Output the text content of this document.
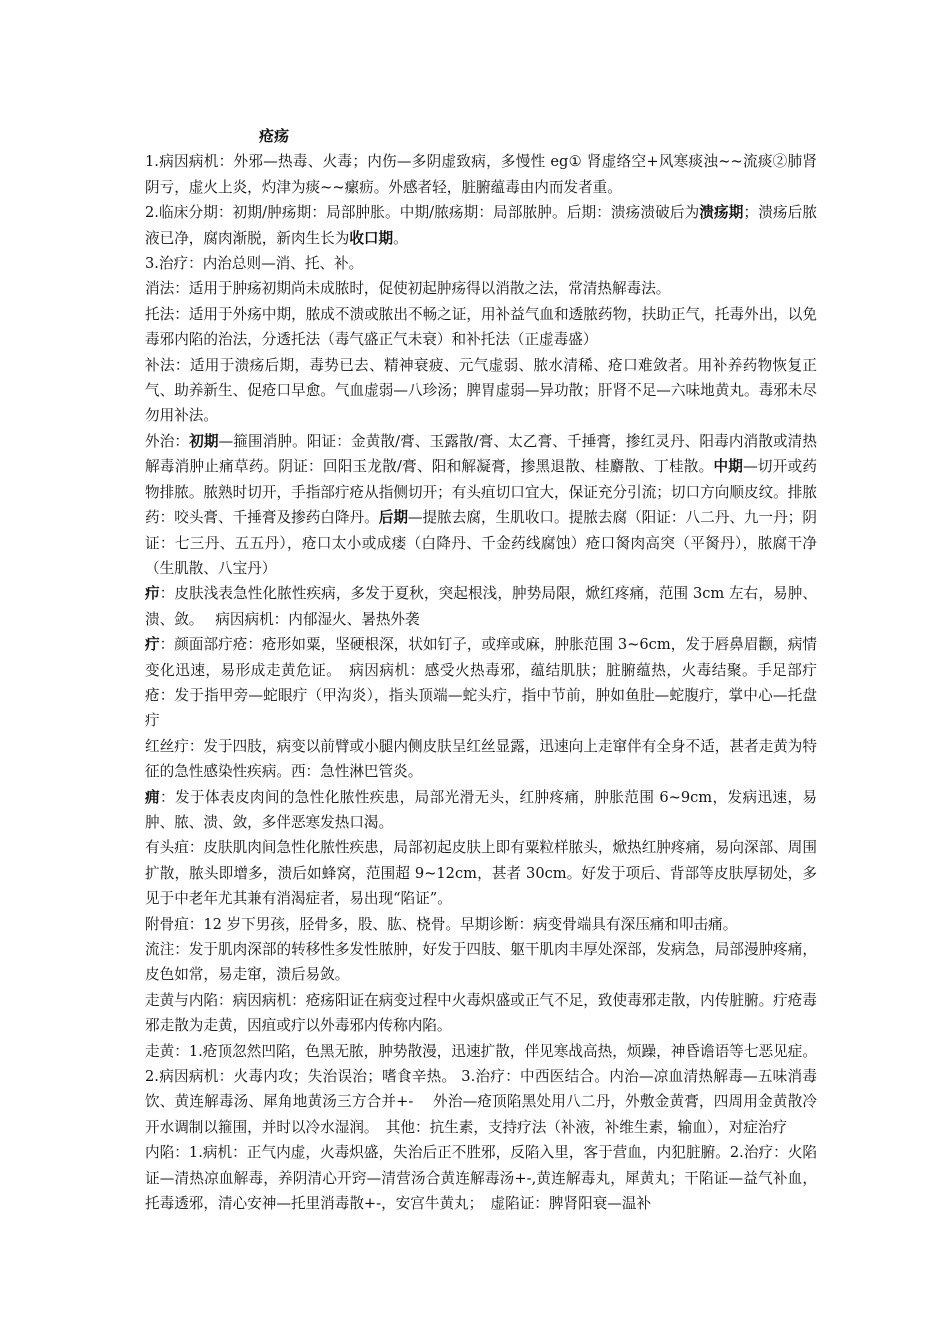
疮疡

1.病因病机：外邪—热毒、火毒；内伤—多阴虚致病，多慢性 eg① 肾虚络空+风寒痰浊~~流痰②肺肾阴亏，虚火上炎，灼津为痰~~瘰疬。外感者轻，脏腑蕴毒由内而发者重。

2.临床分期：初期/肿疡期：局部肿胀。中期/脓疡期：局部脓肿。后期：溃疡溃破后为溃疡期；溃疡后脓液已净，腐肉渐脱，新肉生长为收口期。

3.治疗：内治总则—消、托、补。

消法：适用于肿疡初期尚未成脓时，促使初起肿疡得以消散之法，常清热解毒法。

托法：适用于外疡中期，脓成不溃或脓出不畅之证，用补益气血和透脓药物，扶助正气，托毒外出，以免毒邪内陷的治法，分透托法（毒气盛正气未衰）和补托法（正虚毒盛）

补法：适用于溃疡后期，毒势已去、精神衰疲、元气虚弱、脓水清稀、疮口难敛者。用补养药物恢复正气、助养新生、促疮口早愈。气血虚弱—八珍汤；脾胃虚弱—异功散；肝肾不足—六味地黄丸。毒邪未尽勿用补法。

外治：初期—箍围消肿。阳证：金黄散/膏、玉露散/膏、太乙膏、千捶膏，掺红灵丹、阳毒内消散或清热解毒消肿止痛草药。阴证：回阳玉龙散/膏、阳和解凝膏，掺黑退散、桂麝散、丁桂散。中期—切开或药物排脓。脓熟时切开，手指部疔疮从指侧切开；有头疽切口宜大，保证充分引流；切口方向顺皮纹。排脓药：咬头膏、千捶膏及掺药白降丹。后期—提脓去腐，生肌收口。提脓去腐（阳证：八二丹、九一丹；阴证：七三丹、五五丹），疮口太小或成瘘（白降丹、千金药线腐蚀）疮口胬肉高突（平胬丹），脓腐干净（生肌散、八宝丹）

疖：皮肤浅表急性化脓性疾病，多发于夏秋，突起根浅，肿势局限，焮红疼痛，范围 3cm 左右，易肿、溃、敛。　 病因病机：内郁湿火、暑热外袭

疔：颜面部疔疮：疮形如粟，坚硬根深，状如钉子，或痒或麻，肿胀范围 3~6cm，发于唇鼻眉颧，病情变化迅速，易形成走黄危证。　病因病机：感受火热毒邪，蕴结肌肤；脏腑蕴热，火毒结聚。手足部疔疮：发于指甲旁—蛇眼疔（甲沟炎），指头顶端—蛇头疔，指中节前，肿如鱼肚—蛇腹疔，掌中心—托盘疔

红丝疔：发于四肢，病变以前臂或小腿内侧皮肤呈红丝显露，迅速向上走窜伴有全身不适，甚者走黄为特征的急性感染性疾病。西：急性淋巴管炎。

痈：发于体表皮肉间的急性化脓性疾患，局部光滑无头，红肿疼痛，肿胀范围 6~9cm，发病迅速，易肿、脓、溃、敛，多伴恶寒发热口渴。

有头疽：皮肤肌肉间急性化脓性疾患，局部初起皮肤上即有粟粒样脓头，焮热红肿疼痛，易向深部、周围扩散，脓头即增多，溃后如蜂窝，范围超 9~12cm，甚者 30cm。好发于项后、背部等皮肤厚韧处，多见于中老年尤其兼有消渴症者，易出现“陷证”。

附骨疽：12 岁下男孩，胫骨多，股、肱、桡骨。早期诊断：病变骨端具有深压痛和叩击痛。

流注：发于肌肉深部的转移性多发性脓肿，好发于四肢、躯干肌肉丰厚处深部，发病急，局部漫肿疼痛，皮色如常，易走窜，溃后易敛。

走黄与内陷：病因病机：疮疡阳证在病变过程中火毒炽盛或正气不足，致使毒邪走散，内传脏腑。疔疮毒邪走散为走黄，因疽或疔以外毒邪内传称内陷。

走黄：1.疮顶忽然凹陷，色黑无脓，肿势散漫，迅速扩散，伴见寒战高热，烦躁，神昏谵语等七恶见症。 2.病因病机：火毒内攻；失治误治；嗜食辛热。 3.治疗：中西医结合。内治—凉血清热解毒—五味消毒饮、黄连解毒汤、犀角地黄汤三方合并+-　 外治—疮顶陷黑处用八二丹，外敷金黄膏，四周用金黄散冷开水调制以箍围，并时以冷水湿润。　其他：抗生素，支持疗法（补液，补维生素，输血），对症治疗

内陷：1.病机：正气内虚，火毒炽盛，失治后正不胜邪，反陷入里，客于营血，内犯脏腑。2.治疗：火陷证—清热凉血解毒，养阴清心开窍—清营汤合黄连解毒汤+-,黄连解毒丸，犀黄丸；干陷证—益气补血，托毒透邪，清心安神—托里消毒散+-，安宫牛黄丸；　虚陷证：脾肾阳衰—温补
